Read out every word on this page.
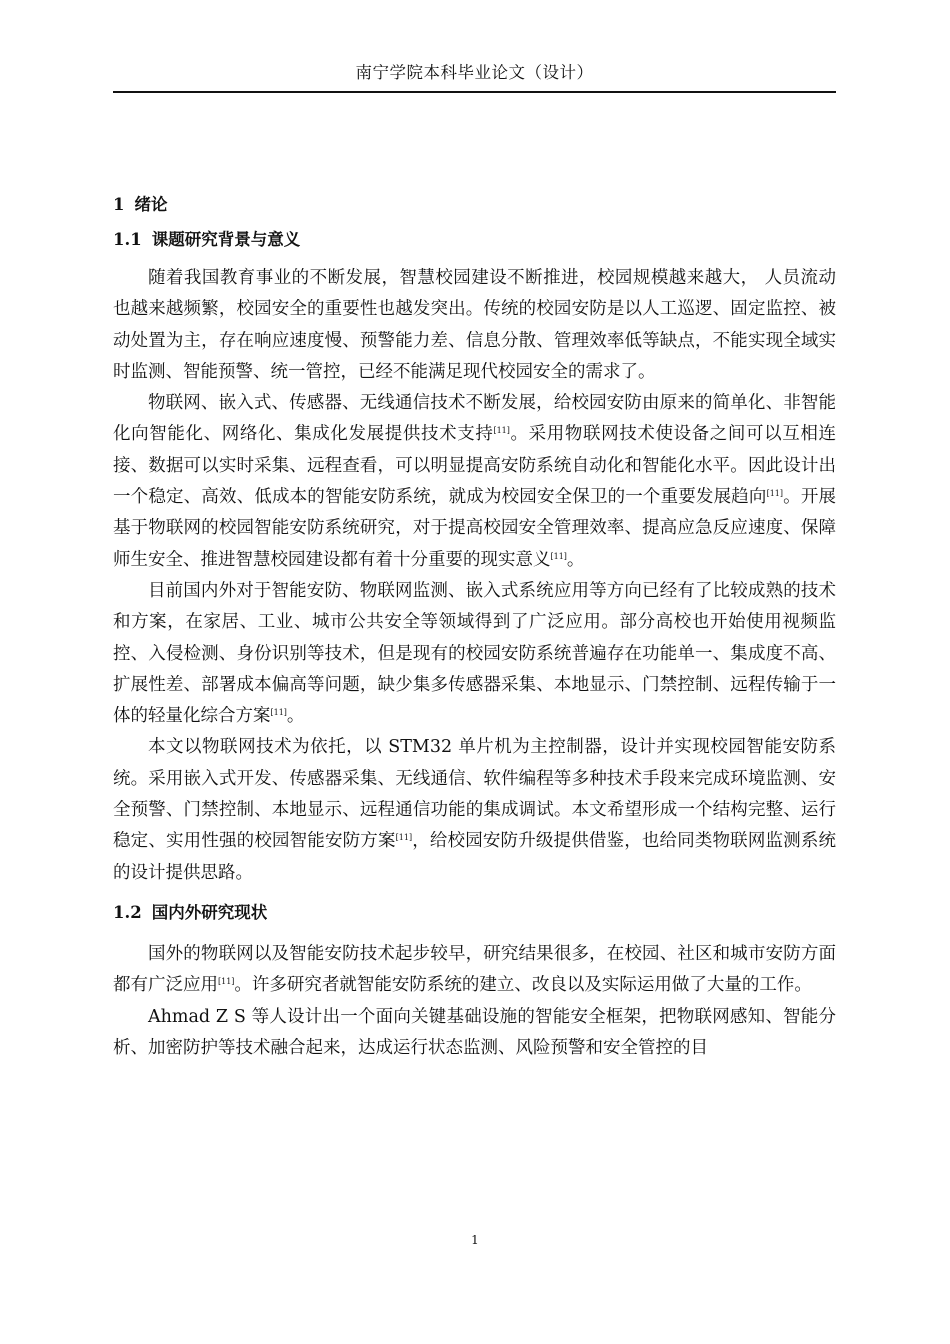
南宁学院本科毕业论文（设计）
1 绪论
1.1 课题研究背景与意义

随着我国教育事业的不断发展，智慧校园建设不断推进，校园规模越来越大， 人员流动也越来越频繁，校园安全的重要性也越发突出。传统的校园安防是以人工巡逻、固定监控、被动处置为主，存在响应速度慢、预警能力差、信息分散、管理效率低等缺点，不能实现全域实时监测、智能预警、统一管控，已经不能满足现代校园安全的需求了。

物联网、嵌入式、传感器、无线通信技术不断发展，给校园安防由原来的简单化、非智能化向智能化、网络化、集成化发展提供技术支持[11]。采用物联网技术使设备之间可以互相连接、数据可以实时采集、远程查看，可以明显提高安防系统自动化和智能化水平。因此设计出一个稳定、高效、低成本的智能安防系统，就成为校园安全保卫的一个重要发展趋向[11]。开展基于物联网的校园智能安防系统研究，对于提高校园安全管理效率、提高应急反应速度、保障师生安全、推进智慧校园建设都有着十分重要的现实意义[11]。

目前国内外对于智能安防、物联网监测、嵌入式系统应用等方向已经有了比较成熟的技术和方案，在家居、工业、城市公共安全等领域得到了广泛应用。部分高校也开始使用视频监控、入侵检测、身份识别等技术，但是现有的校园安防系统普遍存在功能单一、集成度不高、扩展性差、部署成本偏高等问题，缺少集多传感器采集、本地显示、门禁控制、远程传输于一体的轻量化综合方案[11]。

本文以物联网技术为依托，以 STM32 单片机为主控制器，设计并实现校园智能安防系统。采用嵌入式开发、传感器采集、无线通信、软件编程等多种技术手段来完成环境监测、安全预警、门禁控制、本地显示、远程通信功能的集成调试。本文希望形成一个结构完整、运行稳定、实用性强的校园智能安防方案[11]，给校园安防升级提供借鉴，也给同类物联网监测系统的设计提供思路。

1.2 国内外研究现状

国外的物联网以及智能安防技术起步较早，研究结果很多，在校园、社区和城市安防方面都有广泛应用[11]。许多研究者就智能安防系统的建立、改良以及实际运用做了大量的工作。

Ahmad Z S 等人设计出一个面向关键基础设施的智能安全框架，把物联网感知、智能分析、加密防护等技术融合起来，达成运行状态监测、风险预警和安全管控的目

1
